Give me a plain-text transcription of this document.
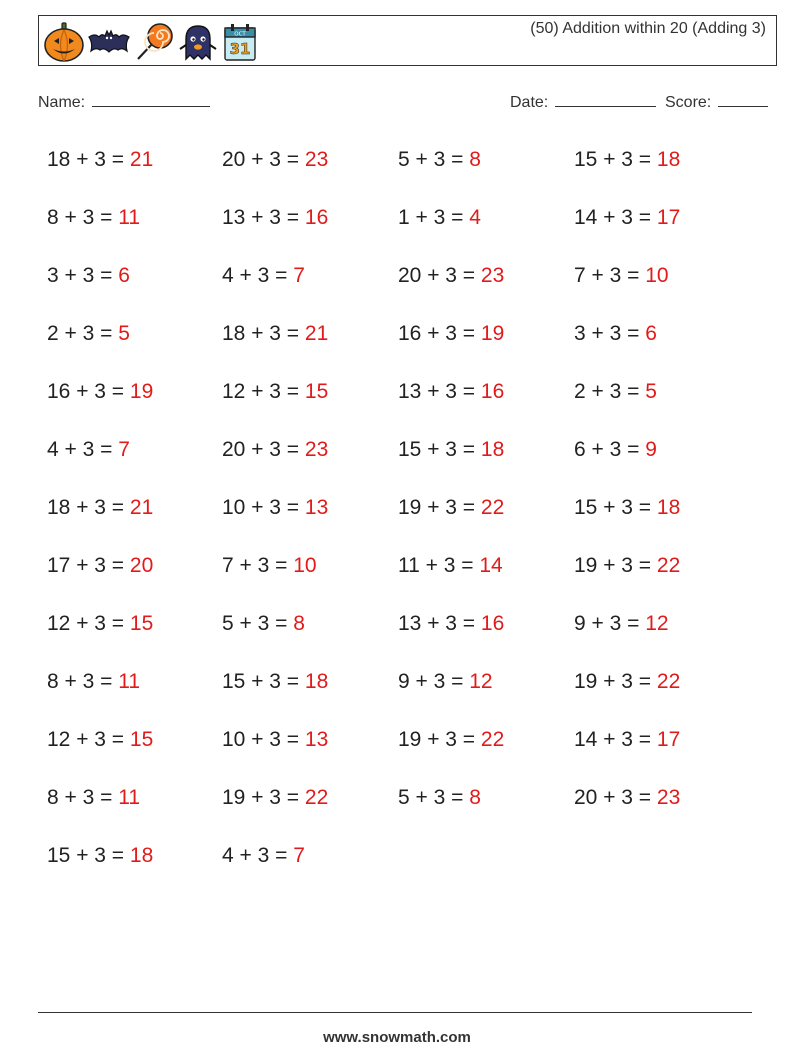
OCT
31
(50) Addition within 20 (Adding 3)
Name:	Date:	Score:
18 + 3 = 21	20 + 3 = 23	5 + 3 = 8	15 + 3 = 18
8 + 3 = 11	13 + 3 = 16	1 + 3 = 4	14 + 3 = 17
3 + 3 = 6	4 + 3 = 7	20 + 3 = 23	7 + 3 = 10
2 + 3 = 5	18 + 3 = 21	16 + 3 = 19	3 + 3 = 6
16 + 3 = 19	12 + 3 = 15	13 + 3 = 16	2 + 3 = 5
4 + 3 = 7	20 + 3 = 23	15 + 3 = 18	6 + 3 = 9
18 + 3 = 21	10 + 3 = 13	19 + 3 = 22	15 + 3 = 18
17 + 3 = 20	7 + 3 = 10	11 + 3 = 14	19 + 3 = 22
12 + 3 = 15	5 + 3 = 8	13 + 3 = 16	9 + 3 = 12
8 + 3 = 11	15 + 3 = 18	9 + 3 = 12	19 + 3 = 22
12 + 3 = 15	10 + 3 = 13	19 + 3 = 22	14 + 3 = 17
8 + 3 = 11	19 + 3 = 22	5 + 3 = 8	20 + 3 = 23
15 + 3 = 18	4 + 3 = 7
www.snowmath.com
